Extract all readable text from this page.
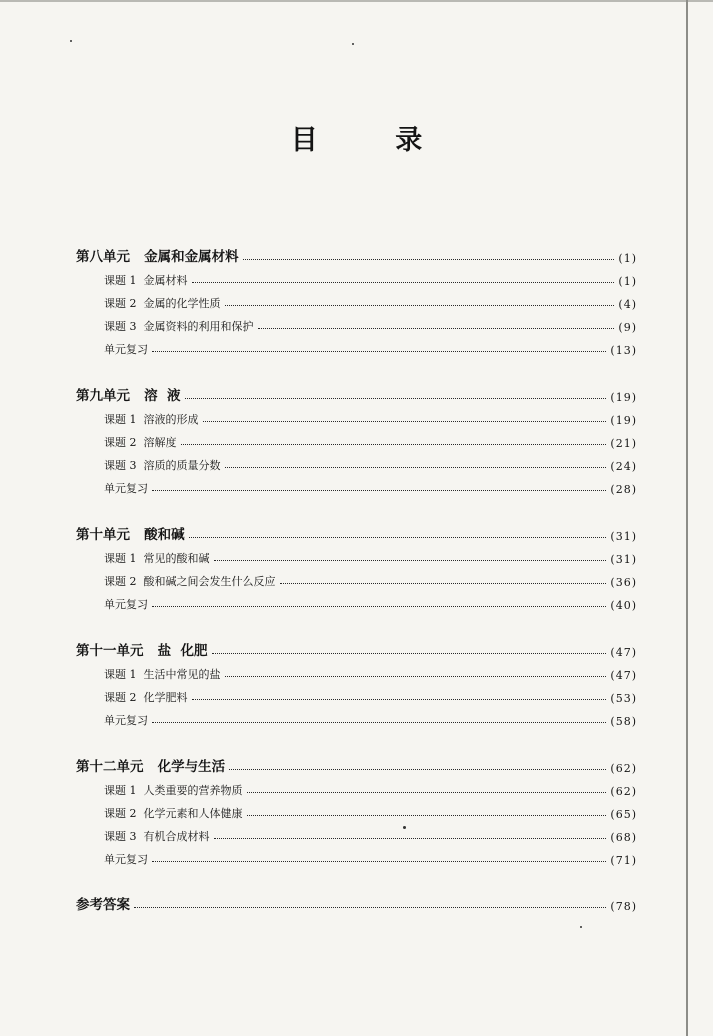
目 录
第八单元   金属和金属材料	(1)
课题 1  金属材料	(1)
课题 2  金属的化学性质	(4)
课题 3  金属资料的利用和保护	(9)
单元复习	(13)
第九单元   溶  液	(19)
课题 1  溶液的形成	(19)
课题 2  溶解度	(21)
课题 3  溶质的质量分数	(24)
单元复习	(28)
第十单元   酸和碱	(31)
课题 1  常见的酸和碱	(31)
课题 2  酸和碱之间会发生什么反应	(36)
单元复习	(40)
第十一单元   盐  化肥	(47)
课题 1  生活中常见的盐	(47)
课题 2  化学肥料	(53)
单元复习	(58)
第十二单元   化学与生活	(62)
课题 1  人类重要的营养物质	(62)
课题 2  化学元素和人体健康	(65)
课题 3  有机合成材料	(68)
单元复习	(71)
参考答案	(78)
